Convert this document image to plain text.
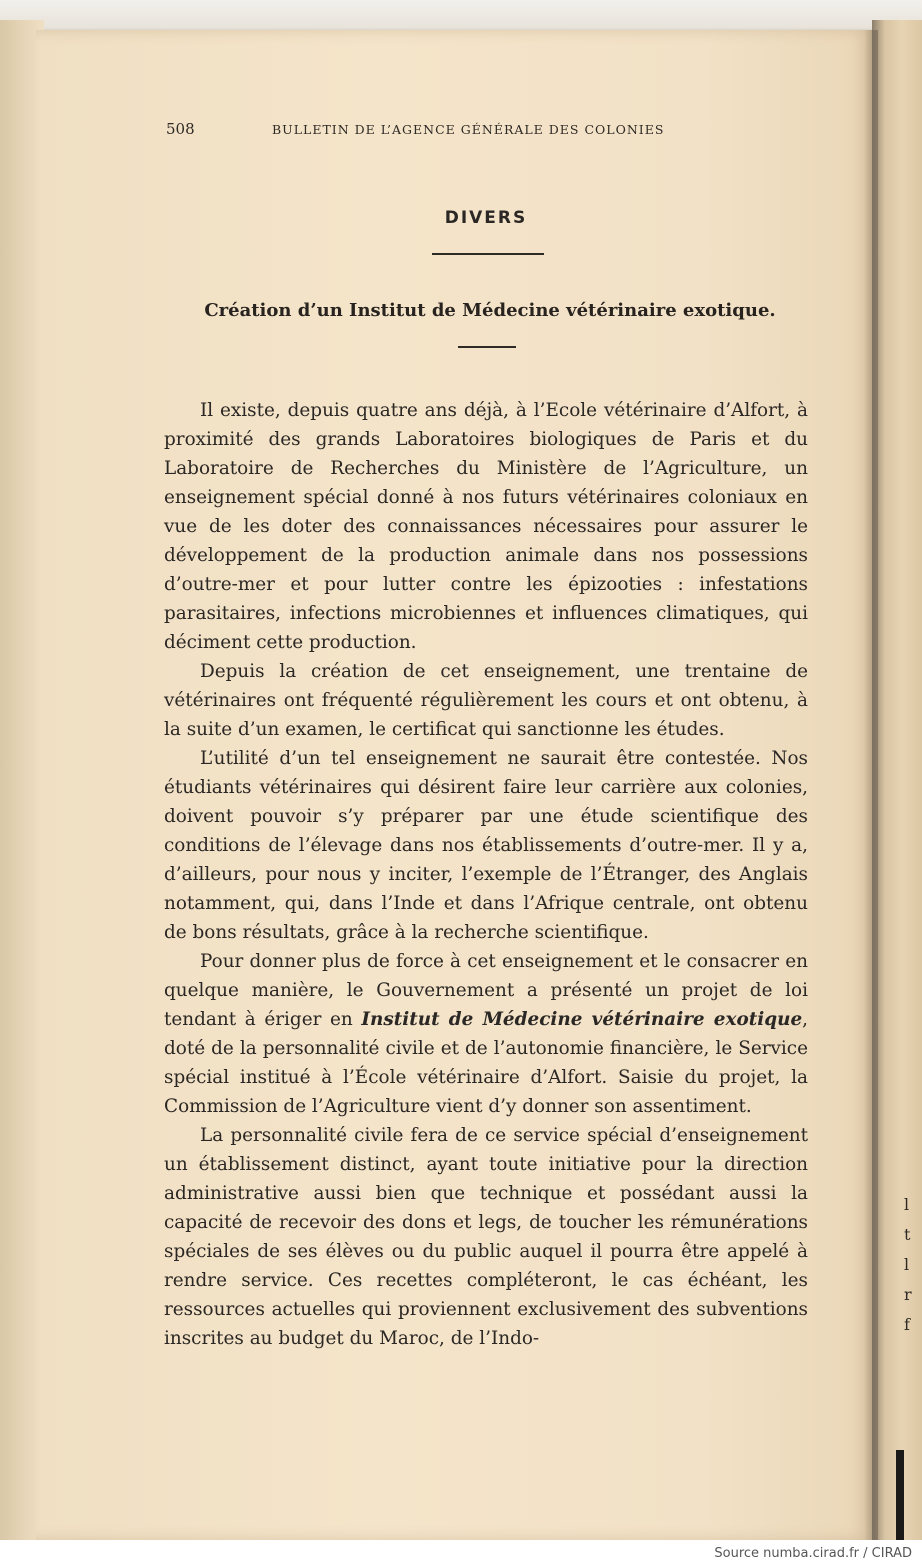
508	BULLETIN DE L’AGENCE GÉNÉRALE DES COLONIES
DIVERS
Création d’un Institut de Médecine vétérinaire exotique.

Il existe, depuis quatre ans déjà, à l’Ecole vétérinaire d’Alfort, à proximité des grands Laboratoires biologiques de Paris et du Laboratoire de Recherches du Ministère de l’Agriculture, un enseignement spécial donné à nos futurs vétérinaires coloniaux en vue de les doter des connaissances nécessaires pour assurer le développement de la production animale dans nos possessions d’outre-mer et pour lutter contre les épizooties : infestations parasitaires, infections microbiennes et influences climatiques, qui déciment cette production.

Depuis la création de cet enseignement, une trentaine de vétérinaires ont fréquenté régulièrement les cours et ont obtenu, à la suite d’un examen, le certificat qui sanctionne les études.

L’utilité d’un tel enseignement ne saurait être contestée. Nos étudiants vétérinaires qui désirent faire leur carrière aux colonies, doivent pouvoir s’y préparer par une étude scientifique des conditions de l’élevage dans nos établissements d’outre-mer. Il y a, d’ailleurs, pour nous y inciter, l’exemple de l’Étranger, des Anglais notamment, qui, dans l’Inde et dans l’Afrique centrale, ont obtenu de bons résultats, grâce à la recherche scientifique.

Pour donner plus de force à cet enseignement et le consacrer en quelque manière, le Gouvernement a présenté un projet de loi tendant à ériger en Institut de Médecine vétérinaire exotique, doté de la personnalité civile et de l’autonomie financière, le Service spécial institué à l’École vétérinaire d’Alfort. Saisie du projet, la Commission de l’Agriculture vient d’y donner son assentiment.

La personnalité civile fera de ce service spécial d’enseignement un établissement distinct, ayant toute initiative pour la direction administrative aussi bien que technique et possédant aussi la capacité de recevoir des dons et legs, de toucher les rémunérations spéciales de ses élèves ou du public auquel il pourra être appelé à rendre service. Ces recettes compléteront, le cas échéant, les ressources actuelles qui proviennent exclusivement des subventions inscrites au budget du Maroc, de l’Indo-

l
t
l
r
f
Source numba.cirad.fr / CIRAD
